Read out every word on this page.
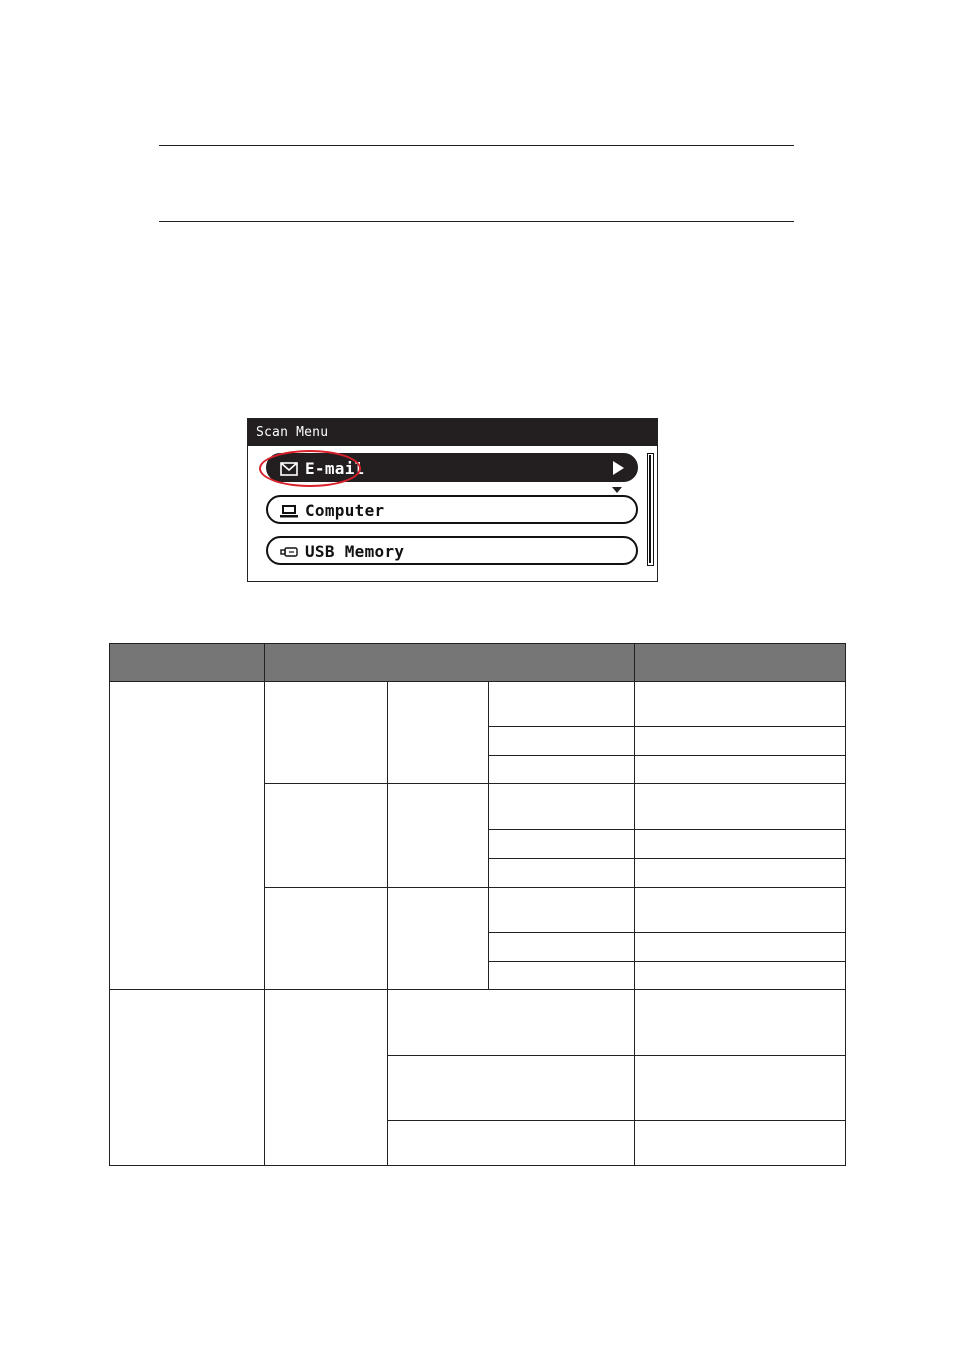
Scan Menu
E-mail
Computer
USB Memory
